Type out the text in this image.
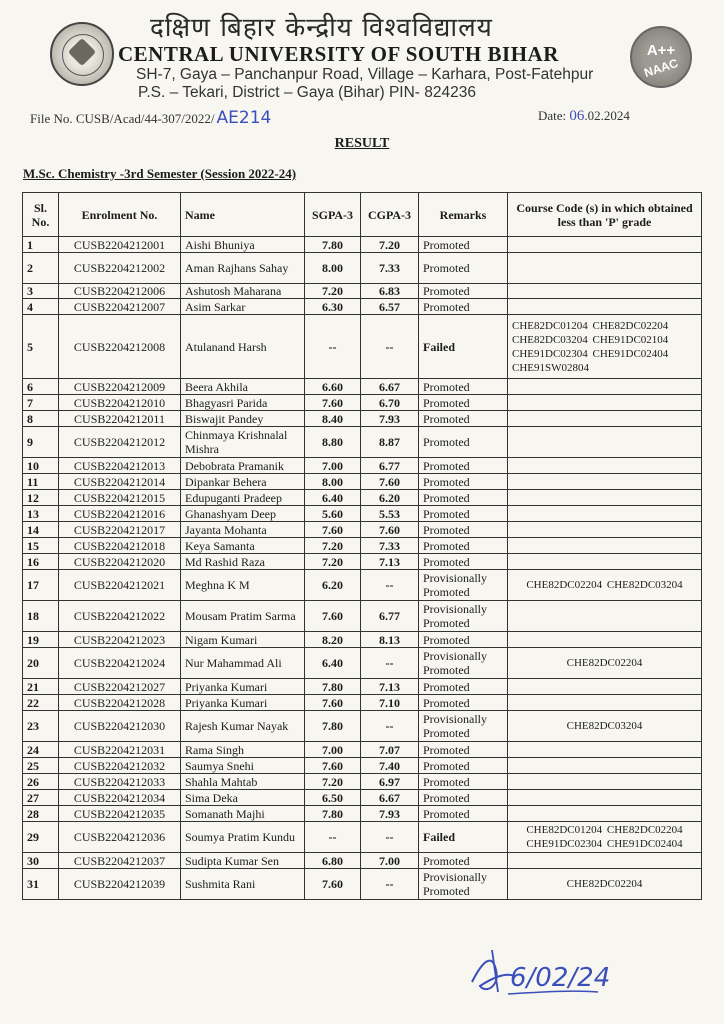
दक्षिण बिहार केन्द्रीय विश्वविद्यालय
CENTRAL UNIVERSITY OF SOUTH BIHAR
SH-7, Gaya – Panchanpur Road, Village – Karhara, Post-Fatehpur
P.S. – Tekari, District – Gaya (Bihar) PIN- 824236
A++
NAAC
File No. CUSB/Acad/44-307/2022/ AE214	Date: 06.02.2024
RESULT
M.Sc. Chemistry -3rd Semester (Session 2022-24)
Sl. No.	Enrolment No.	Name	SGPA-3	CGPA-3	Remarks	Course Code (s) in which obtained less than 'P' grade
1	CUSB2204212001	Aishi Bhuniya	7.80	7.20	Promoted	
2	CUSB2204212002	Aman Rajhans Sahay	8.00	7.33	Promoted	
3	CUSB2204212006	Ashutosh Maharana	7.20	6.83	Promoted	
4	CUSB2204212007	Asim Sarkar	6.30	6.57	Promoted	
5	CUSB2204212008	Atulanand Harsh	--	--	Failed	CHE82DC01204 CHE82DC02204 CHE82DC03204 CHE91DC02104 CHE91DC02304 CHE91DC02404 CHE91SW02804
6	CUSB2204212009	Beera Akhila	6.60	6.67	Promoted	
7	CUSB2204212010	Bhagyasri Parida	7.60	6.70	Promoted	
8	CUSB2204212011	Biswajit Pandey	8.40	7.93	Promoted	
9	CUSB2204212012	Chinmaya Krishnalal Mishra	8.80	8.87	Promoted	
10	CUSB2204212013	Debobrata Pramanik	7.00	6.77	Promoted	
11	CUSB2204212014	Dipankar Behera	8.00	7.60	Promoted	
12	CUSB2204212015	Edupuganti Pradeep	6.40	6.20	Promoted	
13	CUSB2204212016	Ghanashyam Deep	5.60	5.53	Promoted	
14	CUSB2204212017	Jayanta Mohanta	7.60	7.60	Promoted	
15	CUSB2204212018	Keya Samanta	7.20	7.33	Promoted	
16	CUSB2204212020	Md Rashid Raza	7.20	7.13	Promoted	
17	CUSB2204212021	Meghna K M	6.20	--	Provisionally Promoted	CHE82DC02204 CHE82DC03204
18	CUSB2204212022	Mousam Pratim Sarma	7.60	6.77	Provisionally Promoted	
19	CUSB2204212023	Nigam Kumari	8.20	8.13	Promoted	
20	CUSB2204212024	Nur Mahammad Ali	6.40	--	Provisionally Promoted	CHE82DC02204
21	CUSB2204212027	Priyanka Kumari	7.80	7.13	Promoted	
22	CUSB2204212028	Priyanka Kumari	7.60	7.10	Promoted	
23	CUSB2204212030	Rajesh Kumar Nayak	7.80	--	Provisionally Promoted	CHE82DC03204
24	CUSB2204212031	Rama Singh	7.00	7.07	Promoted	
25	CUSB2204212032	Saumya Snehi	7.60	7.40	Promoted	
26	CUSB2204212033	Shahla Mahtab	7.20	6.97	Promoted	
27	CUSB2204212034	Sima Deka	6.50	6.67	Promoted	
28	CUSB2204212035	Somanath Majhi	7.80	7.93	Promoted	
29	CUSB2204212036	Soumya Pratim Kundu	--	--	Failed	CHE82DC01204 CHE82DC02204 CHE91DC02304 CHE91DC02404
30	CUSB2204212037	Sudipta Kumar Sen	6.80	7.00	Promoted	
31	CUSB2204212039	Sushmita Rani	7.60	--	Provisionally Promoted	CHE82DC02204
6/02/24
